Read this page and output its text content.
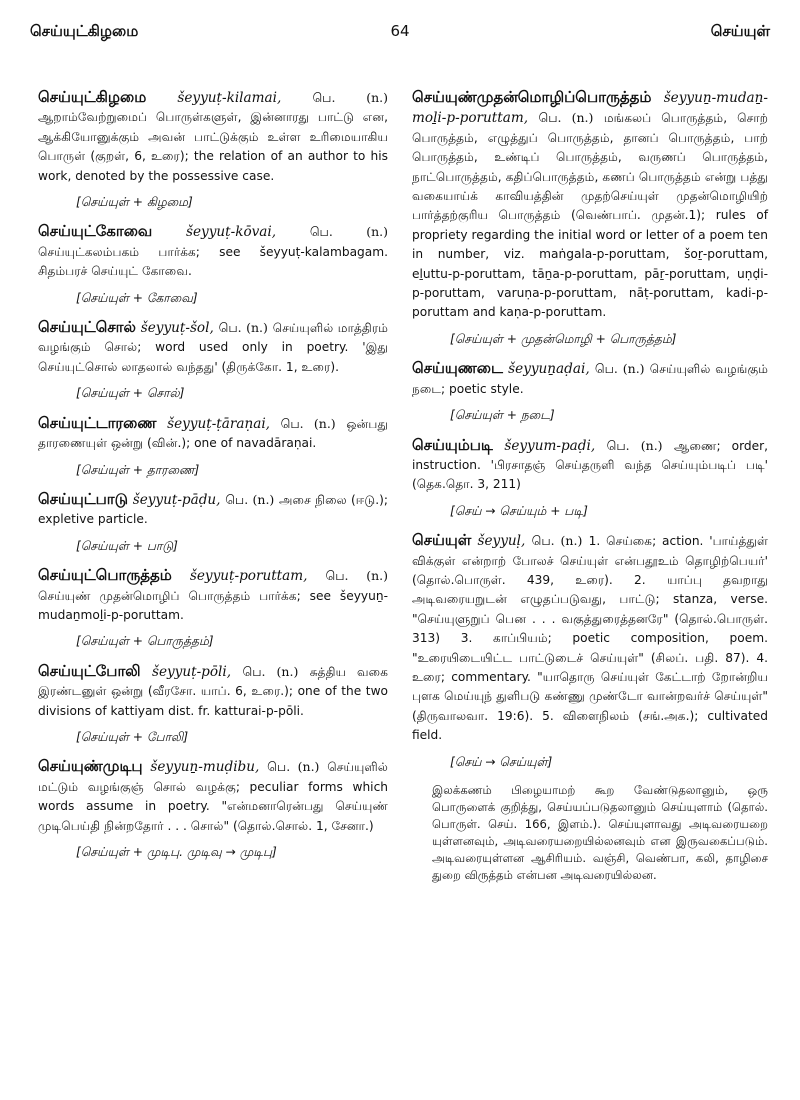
செய்யுட்கிழமை	64	செய்யுள்
செய்யுட்கிழமை šeyyuṭ-kilamai, பெ. (n.) ஆறாம்வேற்றுமைப் பொருள்களுள், இன்னாரது பாட்டு என, ஆக்கியோனுக்கும் அவன் பாட்டுக்கும் உள்ள உரிமையாகிய பொருள் (குறள், 6, உரை); the relation of an author to his work, denoted by the possessive case.
[செய்யுள் + கிழமை]
செய்யுட்கோவை šeyyuṭ-kōvai,	பெ. (n.) செய்யுட்கலம்பகம் பார்க்க; see šeyyuṭ-kalambagam. சிதம்பரச் செய்யுட் கோவை.
[செய்யுள் + கோவை]
செய்யுட்சொல் šeyyuṭ-šol, பெ. (n.) செய்யுளில் மாத்திரம் வழங்கும் சொல்; word used only in poetry. 'இது செய்யுட்சொல் லாதலால் வந்தது' (திருக்கோ. 1, உரை).
[செய்யுள் + சொல்]
செய்யுட்டாரணை šeyyuṭ-ṭāraṇai, பெ. (n.) ஒன்பது தாரணையுள் ஒன்று (வின்.); one of navadāraṇai.
[செய்யுள் + தாரணை]
செய்யுட்பாடு šeyyuṭ-pāḍu, பெ. (n.) அசை நிலை (ஈடு.); expletive particle.
[செய்யுள் + பாடு]
செய்யுட்பொருத்தம் šeyyuṭ-poruttam, பெ. (n.) செய்யுண் முதன்மொழிப் பொருத்தம் பார்க்க; see šeyyuṉ-mudaṉmoḻi-p-poruttam.
[செய்யுள் + பொருத்தம்]
செய்யுட்போலி šeyyuṭ-pōli, பெ. (n.) சுத்திய வகை இரண்டனுள் ஒன்று (வீரசோ. யாப். 6, உரை.); one of the two divisions of kattiyam dist. fr. katturai-p-pōli.
[செய்யுள் + போலி]
செய்யுண்முடிபு šeyyuṉ-muḍibu, பெ. (n.) செய்யுளில் மட்டும் வழங்குஞ் சொல் வழக்கு; peculiar forms which words assume in poetry. "என்மனாரென்பது செய்யுண் முடிபெய்தி நின்றதோர் . . . சொல்" (தொல்.சொல். 1, சேனா.)
[செய்யுள் + முடிபு. முடிவு → முடிபு]
செய்யுண்முதன்மொழிப்பொருத்தம் šeyyuṉ-mudaṉ-moḻi-p-poruttam, பெ. (n.) மங்கலப் பொருத்தம், சொற் பொருத்தம், எழுத்துப் பொருத்தம், தானப் பொருத்தம், பாற் பொருத்தம், உண்டிப் பொருத்தம், வருணப் பொருத்தம், நாட்பொருத்தம், கதிப்பொருத்தம், கணப் பொருத்தம் என்று பத்து வகையாய்க் காவியத்தின் முதற்செய்யுள் முதன்மொழியிற் பார்த்தற்குரிய பொருத்தம் (வெண்பாப். முதன்.1); rules of propriety regarding the initial word or letter of a poem ten in number, viz. maṅgala-p-poruttam, šoṟ-poruttam, eḻuttu-p-poruttam, tāṉa-p-poruttam, pāṟ-poruttam, uṇḍi-p-poruttam, varuṇa-p-poruttam, nāṭ-poruttam, kadi-p-poruttam and kaṇa-p-poruttam.
[செய்யுள் + முதன்மொழி + பொருத்தம்]
செய்யுணடை šeyyuṉaḍai, பெ. (n.) செய்யுளில் வழங்கும் நடை; poetic style.
[செய்யுள் + நடை]
செய்யும்படி šeyyum-paḍi, பெ. (n.) ஆணை; order, instruction. 'பிரசாதஞ் செய்தருளி வந்த செய்யும்படிப் படி' (தெக.தொ. 3, 211)
[செய் → செய்யும் + படி]
செய்யுள் šeyyuḷ, பெ. (n.) 1. செய்கை; action. 'பாய்த்துள் விக்குள் என்றாற் போலச் செய்யுள் என்பதூஉம் தொழிற்பெயர்' (தொல்.பொருள். 439, உரை). 2. யாப்பு தவறாது அடிவரையறுடன் எழுதப்படுவது, பாட்டு; stanza, verse. "செய்யுளுறுப் பென . . . வகுத்துரைத்தனரே" (தொல்.பொருள். 313) 3. காப்பியம்; poetic composition, poem. "உரையிடையிட்ட பாட்டுடைச் செய்யுள்" (சிலப். பதி. 87). 4. உரை; commentary. "யாதொரு செய்யுள் கேட்டாற் றோன்றிய புளக மெய்யுந் துளிபடு கண்ணு முண்டோ வான்றவர்ச் செய்யுள்" (திருவாலவா. 19:6). 5. விளைநிலம் (சங்.அக.); cultivated field.
[செய் → செய்யுள்]
இலக்கணம் பிழையாமற் கூற வேண்டுதலானும், ஒரு பொருளைக் குறித்து, செய்யப்படுதலானும் செய்யுளாம் (தொல். பொருள். செய். 166, இளம்.). செய்யுளாவது அடிவரையறை யுள்ளனவும், அடிவரையறையில்லனவும் என இருவகைப்படும். அடிவரையுள்ளன ஆசிரியம். வஞ்சி, வெண்பா, கலி, தாழிசை துறை விருத்தம் என்பன அடிவரையில்லன.
